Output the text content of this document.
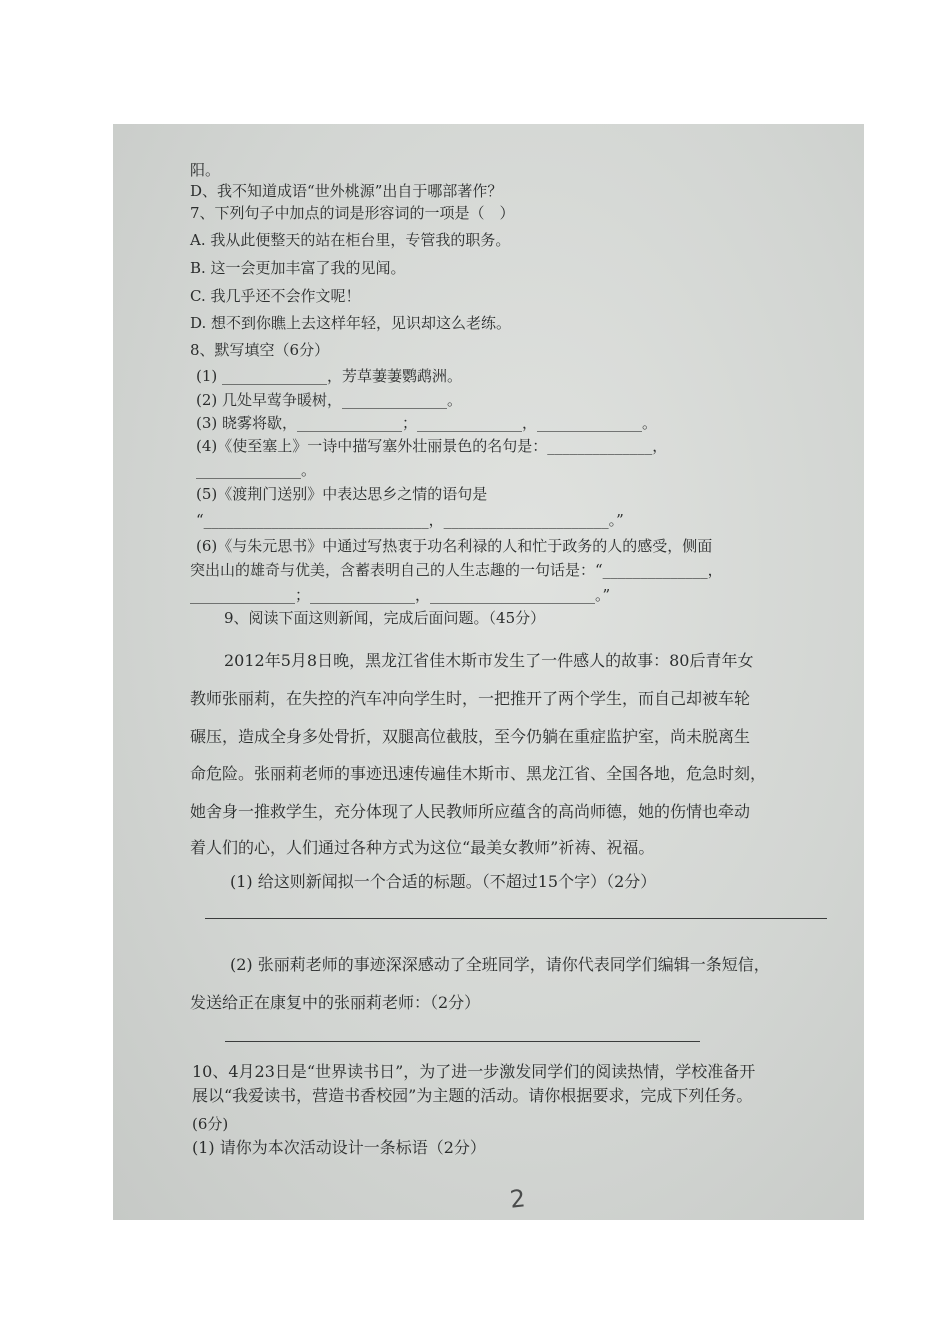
阳。
D、我不知道成语“世外桃源”出自于哪部著作？
7、下列句子中加点的词是形容词的一项是（　）
A. 我从此便整天的站在柜台里，专管我的职务。
B. 这一会更加丰富了我的见闻。
C. 我几乎还不会作文呢！
D. 想不到你瞧上去这样年轻，见识却这么老练。
8、默写填空（6分）
(1) ______________，芳草萋萋鹦鹉洲。
(2) 几处早莺争暖树，______________。
(3) 晓雾将歇，______________；______________，______________。
(4)《使至塞上》一诗中描写塞外壮丽景色的名句是：______________，
______________。
(5)《渡荆门送别》中表达思乡之情的语句是
“______________________________，______________________。”
(6)《与朱元思书》中通过写热衷于功名利禄的人和忙于政务的人的感受，侧面
突出山的雄奇与优美，含蓄表明自己的人生志趣的一句话是：“______________，
______________；______________，______________________。”
9、阅读下面这则新闻，完成后面问题。（45分）
2012年5月8日晚，黑龙江省佳木斯市发生了一件感人的故事：80后青年女
教师张丽莉，在失控的汽车冲向学生时，一把推开了两个学生，而自己却被车轮
碾压，造成全身多处骨折，双腿高位截肢，至今仍躺在重症监护室，尚未脱离生
命危险。张丽莉老师的事迹迅速传遍佳木斯市、黑龙江省、全国各地，危急时刻，
她舍身一推救学生，充分体现了人民教师所应蕴含的高尚师德，她的伤情也牵动
着人们的心，人们通过各种方式为这位“最美女教师”祈祷、祝福。
(1) 给这则新闻拟一个合适的标题。（不超过15个字）（2分）
(2) 张丽莉老师的事迹深深感动了全班同学，请你代表同学们编辑一条短信，
发送给正在康复中的张丽莉老师：（2分）
10、4月23日是“世界读书日”，为了进一步激发同学们的阅读热情，学校准备开
展以“我爱读书，营造书香校园”为主题的活动。请你根据要求，完成下列任务。
(6分)
(1) 请你为本次活动设计一条标语（2分）
2
